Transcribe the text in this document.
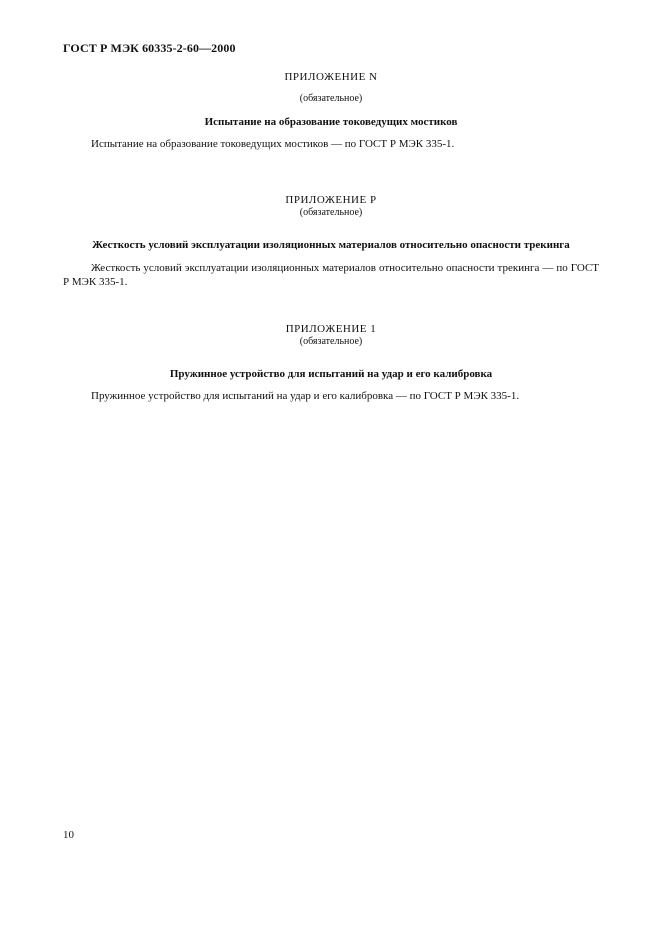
ГОСТ Р МЭК 60335-2-60—2000
ПРИЛОЖЕНИЕ N
(обязательное)
Испытание на образование токоведущих мостиков

Испытание на образование токоведущих мостиков — по ГОСТ Р МЭК 335-1.

ПРИЛОЖЕНИЕ P
(обязательное)
Жесткость условий эксплуатации изоляционных материалов относительно опасности трекинга

Жесткость условий эксплуатации изоляционных материалов относительно опасности трекинга — по ГОСТ Р МЭК 335-1.

ПРИЛОЖЕНИЕ 1
(обязательное)
Пружинное устройство для испытаний на удар и его калибровка

Пружинное устройство для испытаний на удар и его калибровка — по ГОСТ Р МЭК 335-1.

10
